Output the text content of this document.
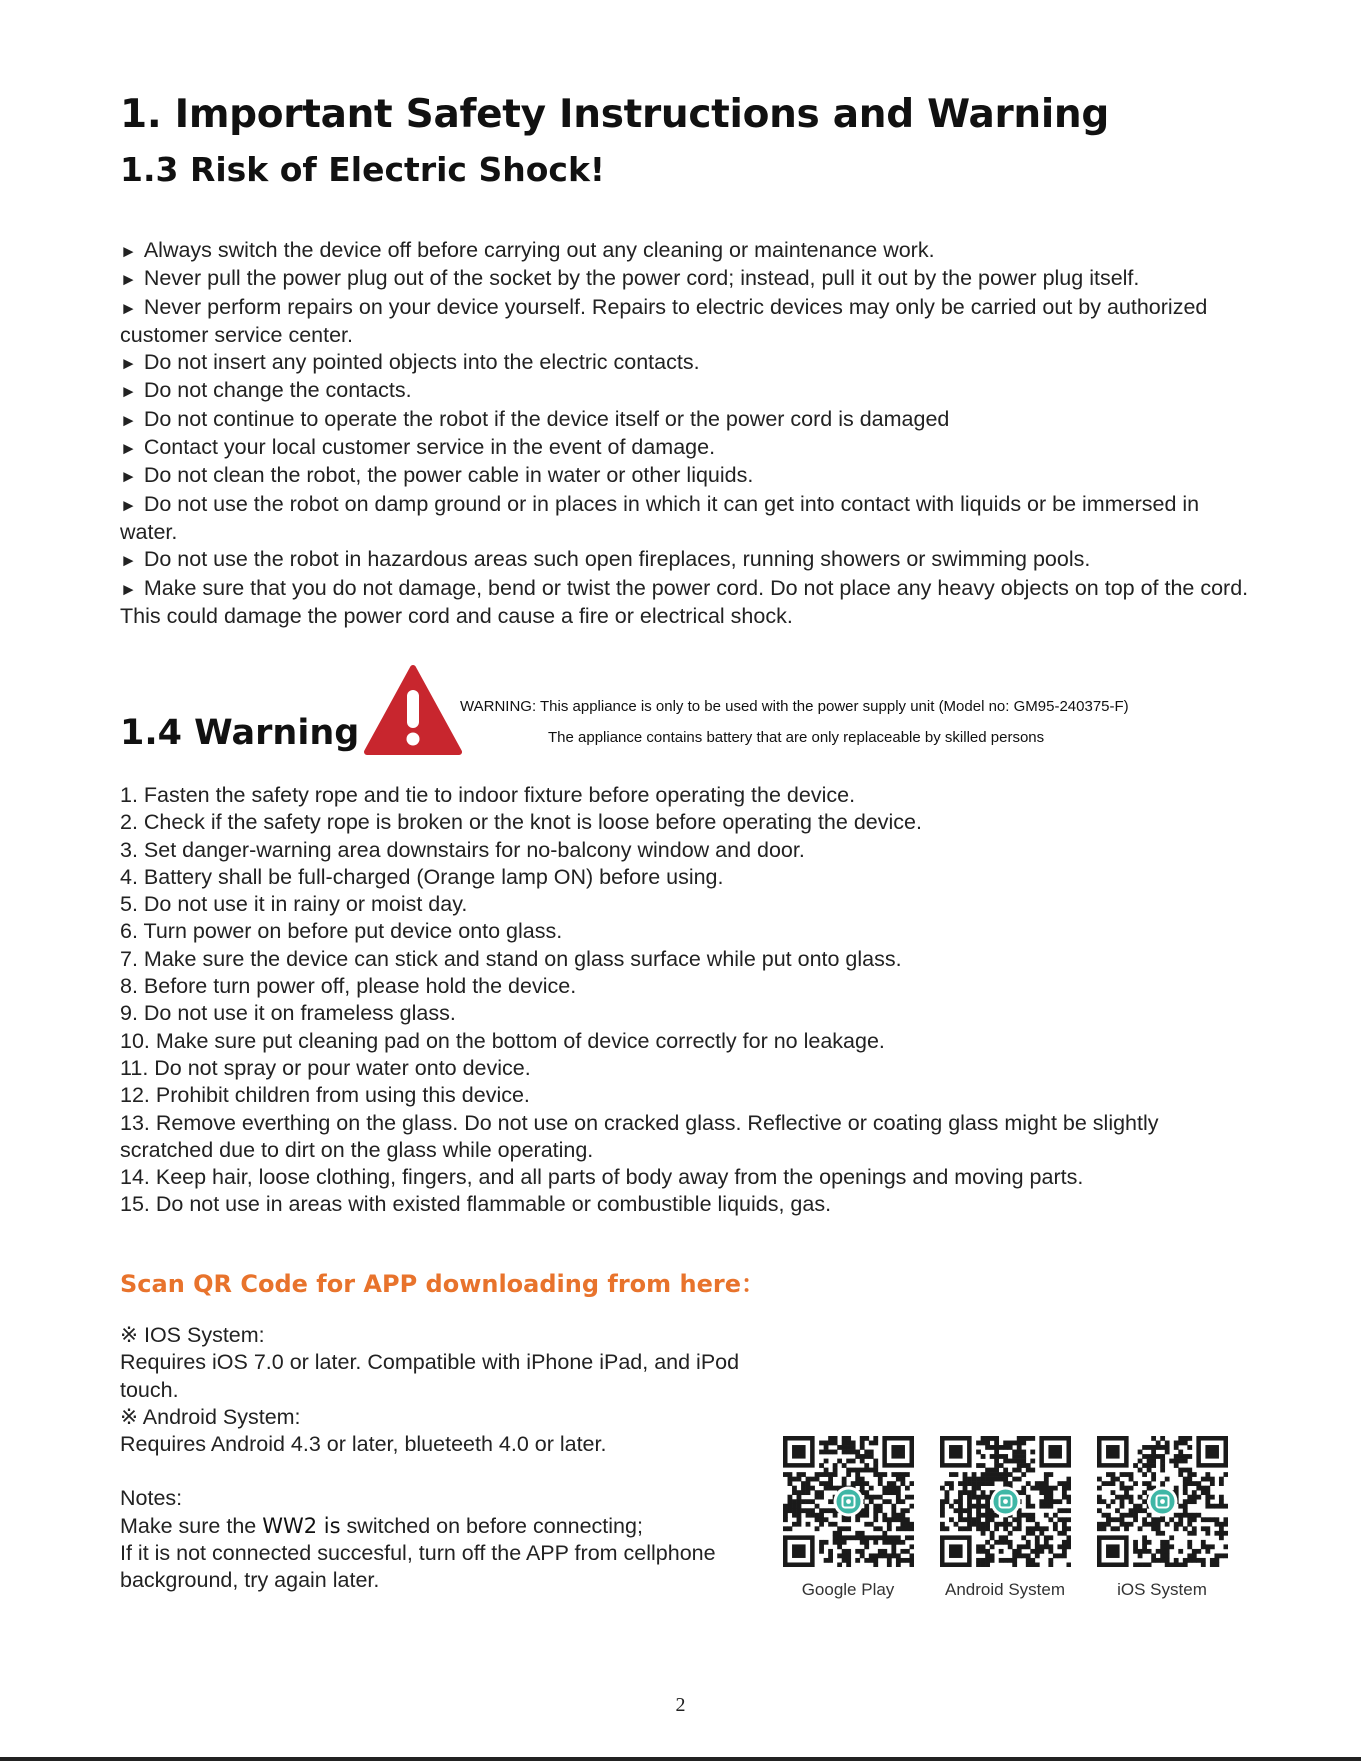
1. Important Safety Instructions and Warning
1.3 Risk of Electric Shock!

► Always switch the device off before carrying out any cleaning or maintenance work.

► Never pull the power plug out of the socket by the power cord; instead, pull it out by the power plug itself.

► Never perform repairs on your device yourself. Repairs to electric devices may only be carried out by authorized customer service center.

► Do not insert any pointed objects into the electric contacts.

► Do not change the contacts.

► Do not continue to operate the robot if the device itself or the power cord is damaged

► Contact your local customer service in the event of damage.

► Do not clean the robot, the power cable in water or other liquids.

► Do not use the robot on damp ground or in places in which it can get into contact with liquids or be immersed in water.

► Do not use the robot in hazardous areas such open fireplaces, running showers or swimming pools.

► Make sure that you do not damage, bend or twist the power cord. Do not place any heavy objects on top of the cord. This could damage the power cord and cause a fire or electrical shock.

1.4 Warning
WARNING: This appliance is only to be used with the power supply unit (Model no: GM95-240375-F)
The appliance contains battery that are only replaceable by skilled persons

1. Fasten the safety rope and tie to indoor fixture before operating the device.

2. Check if the safety rope is broken or the knot is loose before operating the device.

3. Set danger-warning area downstairs for no-balcony window and door.

4. Battery shall be full-charged (Orange lamp ON) before using.

5. Do not use it in rainy or moist day.

6. Turn power on before put device onto glass.

7. Make sure the device can stick and stand on glass surface while put onto glass.

8. Before turn power off, please hold the device.

9. Do not use it on frameless glass.

10. Make sure put cleaning pad on the bottom of device correctly for no leakage.

11. Do not spray or pour water onto device.

12. Prohibit children from using this device.

13. Remove everthing on the glass. Do not use on cracked glass. Reflective or coating glass might be slightly scratched due to dirt on the glass while operating.

14. Keep hair, loose clothing, fingers, and all parts of body away from the openings and moving parts.

15. Do not use in areas with existed flammable or combustible liquids, gas.

Scan QR Code for APP downloading from here：

※ IOS System:

Requires iOS 7.0 or later. Compatible with iPhone iPad, and iPod touch.

※ Android System:

Requires Android 4.3 or later, blueteeth 4.0 or later.

Notes:

Make sure the WW2 is switched on before connecting;

If it is not connected succesful, turn off the APP from cellphone background, try again later.	Google Play	Android System	iOS System
2
